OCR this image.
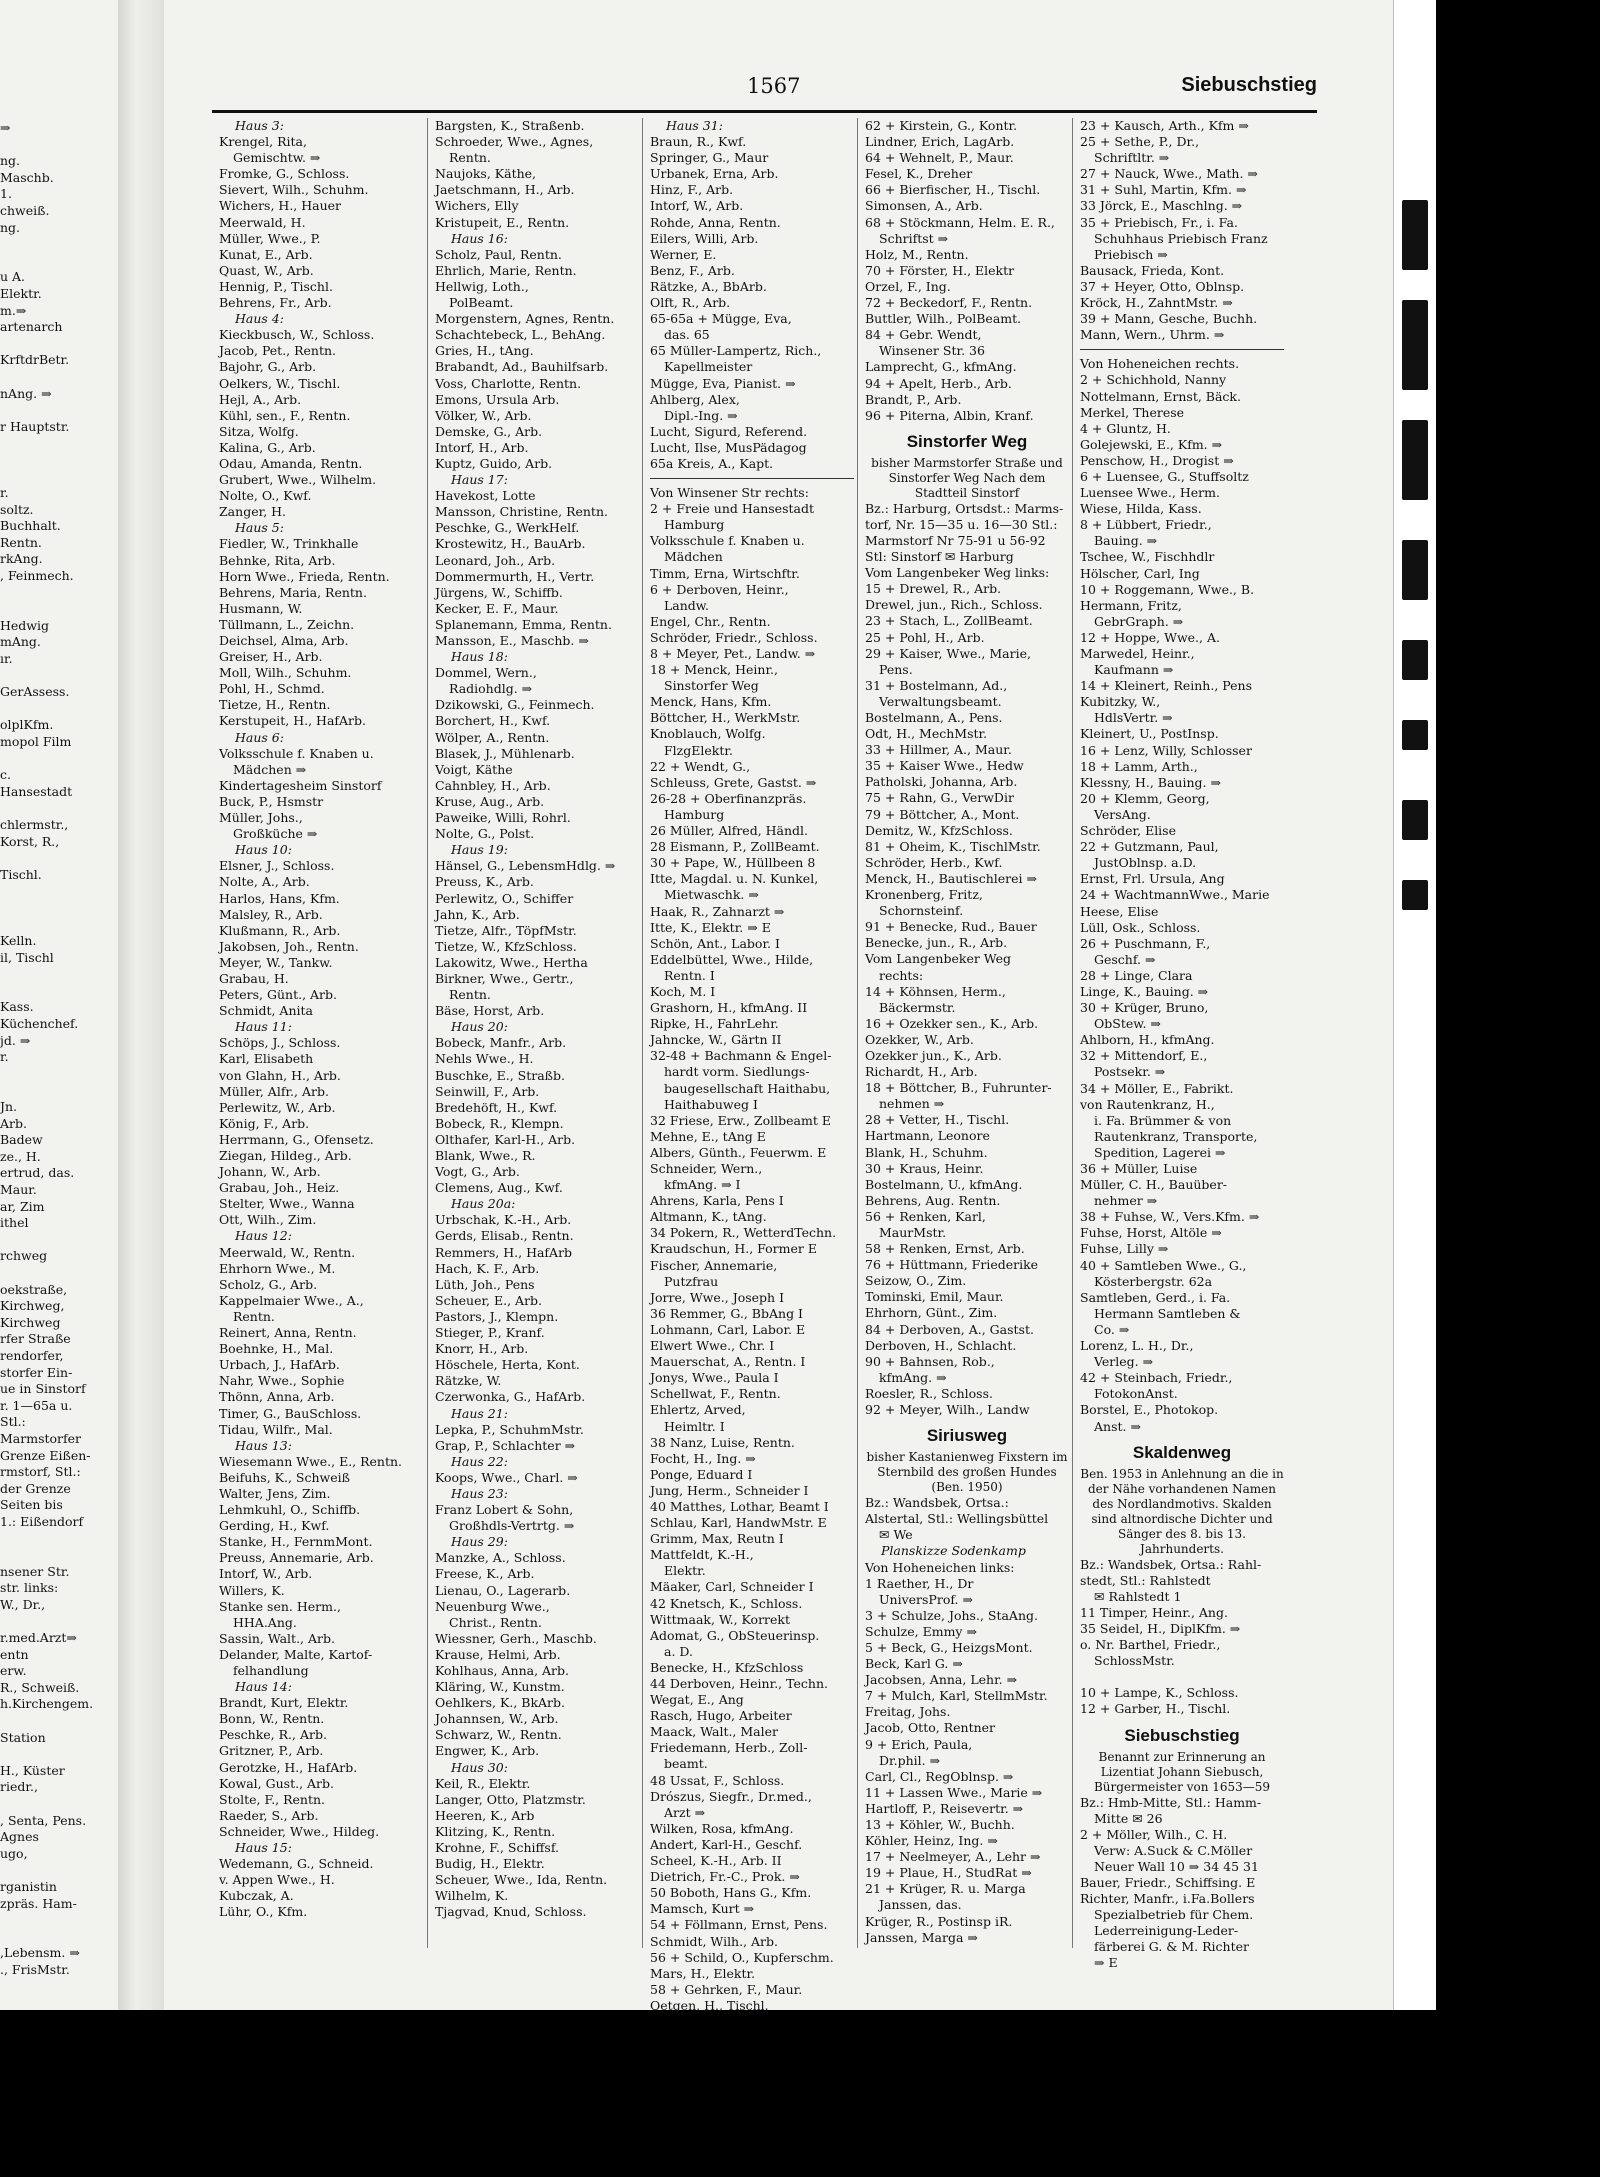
⇒

ng.
Maschb.
1.
chweiß.
ng.

u A.
Elektr.
m.⇒
artenarch

KrftdrBetr.

nAng. ⇒

r Hauptstr.

r.
soltz.
Buchhalt.
Rentn.
rkAng.
, Feinmech.

Hedwig
mAng.
ır.

GerAssess.

olplKfm.
mopol Film

c.
Hansestadt

chlermstr.,
Korst, R.,

Tischl.

Kelln.
il, Tischl

Kass.
Küchenchef.
jd. ⇒
r.

Jn.
Arb.
Badew
ze., H.
ertrud, das.
Maur.
ar, Zim
ithel

rchweg

oekstraße,
Kirchweg,
Kirchweg
rfer Straße
rendorfer,
storfer Ein-
ue in Sinstorf
r. 1—65a u.
Stl.:
Marmstorfer
Grenze Eißen-
rmstorf, Stl.:
der Grenze
Seiten bis
1.: Eißendorf

nsener Str.
str. links:
W., Dr.,

r.med.Arzt⇒
entn
erw.
R., Schweiß.
h.Kirchengem.

Station

H., Küster
riedr.,

, Senta, Pens.
Agnes
ugo,

rganistin
zpräs. Ham-

,Lebensm. ⇒
., FrisMstr.
1567	Siebuschstieg
Haus 3:
Krengel, Rita,
Gemischtw. ⇒
Fromke, G., Schloss.
Sievert, Wilh., Schuhm.
Wichers, H., Hauer
Meerwald, H.
Müller, Wwe., P.
Kunat, E., Arb.
Quast, W., Arb.
Hennig, P., Tischl.
Behrens, Fr., Arb.
Haus 4:
Kieckbusch, W., Schloss.
Jacob, Pet., Rentn.
Bajohr, G., Arb.
Oelkers, W., Tischl.
Hejl, A., Arb.
Kühl, sen., F., Rentn.
Sitza, Wolfg.
Kalina, G., Arb.
Odau, Amanda, Rentn.
Grubert, Wwe., Wilhelm.
Nolte, O., Kwf.
Zanger, H.
Haus 5:
Fiedler, W., Trinkhalle
Behnke, Rita, Arb.
Horn Wwe., Frieda, Rentn.
Behrens, Maria, Rentn.
Husmann, W.
Tüllmann, L., Zeichn.
Deichsel, Alma, Arb.
Greiser, H., Arb.
Moll, Wilh., Schuhm.
Pohl, H., Schmd.
Tietze, H., Rentn.
Kerstupeit, H., HafArb.
Haus 6:
Volksschule f. Knaben u.
Mädchen ⇒
Kindertagesheim Sinstorf
Buck, P., Hsmstr
Müller, Johs.,
Großküche ⇒
Haus 10:
Elsner, J., Schloss.
Nolte, A., Arb.
Harlos, Hans, Kfm.
Malsley, R., Arb.
Klußmann, R., Arb.
Jakobsen, Joh., Rentn.
Meyer, W., Tankw.
Grabau, H.
Peters, Günt., Arb.
Schmidt, Anita
Haus 11:
Schöps, J., Schloss.
Karl, Elisabeth
von Glahn, H., Arb.
Müller, Alfr., Arb.
Perlewitz, W., Arb.
König, F., Arb.
Herrmann, G., Ofensetz.
Ziegan, Hildeg., Arb.
Johann, W., Arb.
Grabau, Joh., Heiz.
Stelter, Wwe., Wanna
Ott, Wilh., Zim.
Haus 12:
Meerwald, W., Rentn.
Ehrhorn Wwe., M.
Scholz, G., Arb.
Kappelmaier Wwe., A.,
Rentn.
Reinert, Anna, Rentn.
Boehnke, H., Mal.
Urbach, J., HafArb.
Nahr, Wwe., Sophie
Thönn, Anna, Arb.
Timer, G., BauSchloss.
Tidau, Wilfr., Mal.
Haus 13:
Wiesemann Wwe., E., Rentn.
Beifuhs, K., Schweiß
Walter, Jens, Zim.
Lehmkuhl, O., Schiffb.
Gerding, H., Kwf.
Stanke, H., FernmMont.
Preuss, Annemarie, Arb.
Intorf, W., Arb.
Willers, K.
Stanke sen. Herm.,
HHA.Ang.
Sassin, Walt., Arb.
Delander, Malte, Kartof-
felhandlung
Haus 14:
Brandt, Kurt, Elektr.
Bonn, W., Rentn.
Peschke, R., Arb.
Gritzner, P., Arb.
Gerotzke, H., HafArb.
Kowal, Gust., Arb.
Stolte, F., Rentn.
Raeder, S., Arb.
Schneider, Wwe., Hildeg.
Haus 15:
Wedemann, G., Schneid.
v. Appen Wwe., H.
Kubczak, A.
Lühr, O., Kfm.
Bargsten, K., Straßenb.
Schroeder, Wwe., Agnes,
Rentn.
Naujoks, Käthe,
Jaetschmann, H., Arb.
Wichers, Elly
Kristupeit, E., Rentn.
Haus 16:
Scholz, Paul, Rentn.
Ehrlich, Marie, Rentn.
Hellwig, Loth.,
PolBeamt.
Morgenstern, Agnes, Rentn.
Schachtebeck, L., BehAng.
Gries, H., tAng.
Brabandt, Ad., Bauhilfsarb.
Voss, Charlotte, Rentn.
Emons, Ursula Arb.
Völker, W., Arb.
Demske, G., Arb.
Intorf, H., Arb.
Kuptz, Guido, Arb.
Haus 17:
Havekost, Lotte
Mansson, Christine, Rentn.
Peschke, G., WerkHelf.
Krostewitz, H., BauArb.
Leonard, Joh., Arb.
Dommermurth, H., Vertr.
Jürgens, W., Schiffb.
Kecker, E. F., Maur.
Splanemann, Emma, Rentn.
Mansson, E., Maschb. ⇒
Haus 18:
Dommel, Wern.,
Radiohdlg. ⇒
Dzikowski, G., Feinmech.
Borchert, H., Kwf.
Wölper, A., Rentn.
Blasek, J., Mühlenarb.
Voigt, Käthe
Cahnbley, H., Arb.
Kruse, Aug., Arb.
Paweike, Willi, Rohrl.
Nolte, G., Polst.
Haus 19:
Hänsel, G., LebensmHdlg. ⇒
Preuss, K., Arb.
Perlewitz, O., Schiffer
Jahn, K., Arb.
Tietze, Alfr., TöpfMstr.
Tietze, W., KfzSchloss.
Lakowitz, Wwe., Hertha
Birkner, Wwe., Gertr.,
Rentn.
Bäse, Horst, Arb.
Haus 20:
Bobeck, Manfr., Arb.
Nehls Wwe., H.
Buschke, E., Straßb.
Seinwill, F., Arb.
Bredehöft, H., Kwf.
Bobeck, R., Klempn.
Olthafer, Karl-H., Arb.
Blank, Wwe., R.
Vogt, G., Arb.
Clemens, Aug., Kwf.
Haus 20a:
Urbschak, K.-H., Arb.
Gerds, Elisab., Rentn.
Remmers, H., HafArb
Hach, K. F., Arb.
Lüth, Joh., Pens
Scheuer, E., Arb.
Pastors, J., Klempn.
Stieger, P., Kranf.
Knorr, H., Arb.
Höschele, Herta, Kont.
Rätzke, W.
Czerwonka, G., HafArb.
Haus 21:
Lepka, P., SchuhmMstr.
Grap, P., Schlachter ⇒
Haus 22:
Koops, Wwe., Charl. ⇒
Haus 23:
Franz Lobert & Sohn,
Großhdls-Vertrtg. ⇒
Haus 29:
Manzke, A., Schloss.
Freese, K., Arb.
Lienau, O., Lagerarb.
Neuenburg Wwe.,
Christ., Rentn.
Wiessner, Gerh., Maschb.
Krause, Helmi, Arb.
Kohlhaus, Anna, Arb.
Kläring, W., Kunstm.
Oehlkers, K., BkArb.
Johannsen, W., Arb.
Schwarz, W., Rentn.
Engwer, K., Arb.
Haus 30:
Keil, R., Elektr.
Langer, Otto, Platzmstr.
Heeren, K., Arb
Klitzing, K., Rentn.
Krohne, F., Schiffsf.
Budig, H., Elektr.
Scheuer, Wwe., Ida, Rentn.
Wilhelm, K.
Tjagvad, Knud, Schloss.
Haus 31:
Braun, R., Kwf.
Springer, G., Maur
Urbanek, Erna, Arb.
Hinz, F., Arb.
Intorf, W., Arb.
Rohde, Anna, Rentn.
Eilers, Willi, Arb.
Werner, E.
Benz, F., Arb.
Rätzke, A., BbArb.
Olft, R., Arb.
65-65a + Mügge, Eva,
das. 65
65 Müller-Lampertz, Rich.,
Kapellmeister
Mügge, Eva, Pianist. ⇒
Ahlberg, Alex,
Dipl.-Ing. ⇒
Lucht, Sigurd, Referend.
Lucht, Ilse, MusPädagog
65a Kreis, A., Kapt.
Von Winsener Str rechts:
2 + Freie und Hansestadt
Hamburg
Volksschule f. Knaben u.
Mädchen
Timm, Erna, Wirtschftr.
6 + Derboven, Heinr.,
Landw.
Engel, Chr., Rentn.
Schröder, Friedr., Schloss.
8 + Meyer, Pet., Landw. ⇒
18 + Menck, Heinr.,
Sinstorfer Weg
Menck, Hans, Kfm.
Böttcher, H., WerkMstr.
Knoblauch, Wolfg.
FlzgElektr.
22 + Wendt, G.,
Schleuss, Grete, Gastst. ⇒
26-28 + Oberfinanzpräs.
Hamburg
26 Müller, Alfred, Händl.
28 Eismann, P., ZollBeamt.
30 + Pape, W., Hüllbeen 8
Itte, Magdal. u. N. Kunkel,
Mietwaschk. ⇒
Haak, R., Zahnarzt ⇒
Itte, K., Elektr. ⇒ E
Schön, Ant., Labor. I
Eddelbüttel, Wwe., Hilde,
Rentn. I
Koch, M. I
Grashorn, H., kfmAng. II
Ripke, H., FahrLehr.
Jahncke, W., Gärtn II
32-48 + Bachmann & Engel-
hardt vorm. Siedlungs-
baugesellschaft Haithabu,
Haithabuweg I
32 Friese, Erw., Zollbeamt E
Mehne, E., tAng E
Albers, Günth., Feuerwm. E
Schneider, Wern.,
kfmAng. ⇒ I
Ahrens, Karla, Pens I
Altmann, K., tAng.
34 Pokern, R., WetterdTechn.
Kraudschun, H., Former E
Fischer, Annemarie,
Putzfrau
Jorre, Wwe., Joseph I
36 Remmer, G., BbAng I
Lohmann, Carl, Labor. E
Elwert Wwe., Chr. I
Mauerschat, A., Rentn. I
Jonys, Wwe., Paula I
Schellwat, F., Rentn.
Ehlertz, Arved,
Heimltr. I
38 Nanz, Luise, Rentn.
Focht, H., Ing. ⇒
Ponge, Eduard I
Jung, Herm., Schneider I
40 Matthes, Lothar, Beamt I
Schlau, Karl, HandwMstr. E
Grimm, Max, Reutn I
Mattfeldt, K.-H.,
Elektr.
Mäaker, Carl, Schneider I
42 Knetsch, K., Schloss.
Wittmaak, W., Korrekt
Adomat, G., ObSteuerinsp.
a. D.
Benecke, H., KfzSchloss
44 Derboven, Heinr., Techn.
Wegat, E., Ang
Rasch, Hugo, Arbeiter
Maack, Walt., Maler
Friedemann, Herb., Zoll-
beamt.
48 Ussat, F., Schloss.
Drószus, Siegfr., Dr.med.,
Arzt ⇒
Wilken, Rosa, kfmAng.
Andert, Karl-H., Geschf.
Scheel, K.-H., Arb. II
Dietrich, Fr.-C., Prok. ⇒
50 Boboth, Hans G., Kfm.
Mamsch, Kurt ⇒
54 + Föllmann, Ernst, Pens.
Schmidt, Wilh., Arb.
56 + Schild, O., Kupferschm.
Mars, H., Elektr.
58 + Gehrken, F., Maur.
Oetgen, H., Tischl.
62 + Kirstein, G., Kontr.
Lindner, Erich, LagArb.
64 + Wehnelt, P., Maur.
Fesel, K., Dreher
66 + Bierfischer, H., Tischl.
Simonsen, A., Arb.
68 + Stöckmann, Helm. E. R.,
Schriftst ⇒
Holz, M., Rentn.
70 + Förster, H., Elektr
Orzel, F., Ing.
72 + Beckedorf, F., Rentn.
Buttler, Wilh., PolBeamt.
84 + Gebr. Wendt,
Winsener Str. 36
Lamprecht, G., kfmAng.
94 + Apelt, Herb., Arb.
Brandt, P., Arb.
96 + Piterna, Albin, Kranf.
Sinstorfer Weg
bisher Marmstorfer Straße und Sinstorfer Weg Nach dem Stadtteil Sinstorf
Bz.: Harburg, Ortsdst.: Marms-
torf, Nr. 15—35 u. 16—30 Stl.:
Marmstorf Nr 75-91 u 56-92
Stl: Sinstorf ✉ Harburg
Vom Langenbeker Weg links:
15 + Drewel, R., Arb.
Drewel, jun., Rich., Schloss.
23 + Stach, L., ZollBeamt.
25 + Pohl, H., Arb.
29 + Kaiser, Wwe., Marie,
Pens.
31 + Bostelmann, Ad.,
Verwaltungsbeamt.
Bostelmann, A., Pens.
Odt, H., MechMstr.
33 + Hillmer, A., Maur.
35 + Kaiser Wwe., Hedw
Patholski, Johanna, Arb.
75 + Rahn, G., VerwDir
79 + Böttcher, A., Mont.
Demitz, W., KfzSchloss.
81 + Oheim, K., TischlMstr.
Schröder, Herb., Kwf.
Menck, H., Bautischlerei ⇒
Kronenberg, Fritz,
Schornsteinf.
91 + Benecke, Rud., Bauer
Benecke, jun., R., Arb.
Vom Langenbeker Weg
rechts:
14 + Köhnsen, Herm.,
Bäckermstr.
16 + Ozekker sen., K., Arb.
Ozekker, W., Arb.
Ozekker jun., K., Arb.
Richardt, H., Arb.
18 + Böttcher, B., Fuhrunter-
nehmen ⇒
28 + Vetter, H., Tischl.
Hartmann, Leonore
Blank, H., Schuhm.
30 + Kraus, Heinr.
Bostelmann, U., kfmAng.
Behrens, Aug. Rentn.
56 + Renken, Karl,
MaurMstr.
58 + Renken, Ernst, Arb.
76 + Hüttmann, Friederike
Seizow, O., Zim.
Tominski, Emil, Maur.
Ehrhorn, Günt., Zim.
84 + Derboven, A., Gastst.
Derboven, H., Schlacht.
90 + Bahnsen, Rob.,
kfmAng. ⇒
Roesler, R., Schloss.
92 + Meyer, Wilh., Landw
Siriusweg
bisher Kastanienweg Fixstern im Sternbild des großen Hundes (Ben. 1950)
Bz.: Wandsbek, Ortsa.:
Alstertal, Stl.: Wellingsbüttel
✉ We
Planskizze Sodenkamp
Von Hoheneichen links:
1 Raether, H., Dr
UniversProf. ⇒
3 + Schulze, Johs., StaAng.
Schulze, Emmy ⇒
5 + Beck, G., HeizgsMont.
Beck, Karl G. ⇒
Jacobsen, Anna, Lehr. ⇒
7 + Mulch, Karl, StellmMstr.
Freitag, Johs.
Jacob, Otto, Rentner
9 + Erich, Paula,
Dr.phil. ⇒
Carl, Cl., RegOblnsp. ⇒
11 + Lassen Wwe., Marie ⇒
Hartloff, P., Reisevertr. ⇒
13 + Köhler, W., Buchh.
Köhler, Heinz, Ing. ⇒
17 + Neelmeyer, A., Lehr ⇒
19 + Plaue, H., StudRat ⇒
21 + Krüger, R. u. Marga
Janssen, das.
Krüger, R., Postinsp iR.
Janssen, Marga ⇒
23 + Kausch, Arth., Kfm ⇒
25 + Sethe, P., Dr.,
Schriftltr. ⇒
27 + Nauck, Wwe., Math. ⇒
31 + Suhl, Martin, Kfm. ⇒
33 Jörck, E., Maschlng. ⇒
35 + Priebisch, Fr., i. Fa.
Schuhhaus Priebisch Franz
Priebisch ⇒
Bausack, Frieda, Kont.
37 + Heyer, Otto, Oblnsp.
Kröck, H., ZahntMstr. ⇒
39 + Mann, Gesche, Buchh.
Mann, Wern., Uhrm. ⇒
Von Hoheneichen rechts.
2 + Schichhold, Nanny
Nottelmann, Ernst, Bäck.
Merkel, Therese
4 + Gluntz, H.
Golejewski, E., Kfm. ⇒
Penschow, H., Drogist ⇒
6 + Luensee, G., Stuffsoltz
Luensee Wwe., Herm.
Wiese, Hilda, Kass.
8 + Lübbert, Friedr.,
Bauing. ⇒
Tschee, W., Fischhdlr
Hölscher, Carl, Ing
10 + Roggemann, Wwe., B.
Hermann, Fritz,
GebrGraph. ⇒
12 + Hoppe, Wwe., A.
Marwedel, Heinr.,
Kaufmann ⇒
14 + Kleinert, Reinh., Pens
Kubitzky, W.,
HdlsVertr. ⇒
Kleinert, U., PostInsp.
16 + Lenz, Willy, Schlosser
18 + Lamm, Arth.,
Klessny, H., Bauing. ⇒
20 + Klemm, Georg,
VersAng.
Schröder, Elise
22 + Gutzmann, Paul,
JustOblnsp. a.D.
Ernst, Frl. Ursula, Ang
24 + WachtmannWwe., Marie
Heese, Elise
Lüll, Osk., Schloss.
26 + Puschmann, F.,
Geschf. ⇒
28 + Linge, Clara
Linge, K., Bauing. ⇒
30 + Krüger, Bruno,
ObStew. ⇒
Ahlborn, H., kfmAng.
32 + Mittendorf, E.,
Postsekr. ⇒
34 + Möller, E., Fabrikt.
von Rautenkranz, H.,
i. Fa. Brümmer & von
Rautenkranz, Transporte,
Spedition, Lagerei ⇒
36 + Müller, Luise
Müller, C. H., Bauüber-
nehmer ⇒
38 + Fuhse, W., Vers.Kfm. ⇒
Fuhse, Horst, Altöle ⇒
Fuhse, Lilly ⇒
40 + Samtleben Wwe., G.,
Kösterbergstr. 62a
Samtleben, Gerd., i. Fa.
Hermann Samtleben &
Co. ⇒
Lorenz, L. H., Dr.,
Verleg. ⇒
42 + Steinbach, Friedr.,
FotokonAnst.
Borstel, E., Photokop.
Anst. ⇒
Skaldenweg
Ben. 1953 in Anlehnung an die in der Nähe vorhandenen Namen des Nordlandmotivs. Skalden sind altnordische Dichter und Sänger des 8. bis 13. Jahrhunderts.
Bz.: Wandsbek, Ortsa.: Rahl-
stedt, Stl.: Rahlstedt
✉ Rahlstedt 1
11 Timper, Heinr., Ang.
35 Seidel, H., DiplKfm. ⇒
o. Nr. Barthel, Friedr.,
SchlossMstr.

10 + Lampe, K., Schloss.
12 + Garber, H., Tischl.
Siebuschstieg
Benannt zur Erinnerung an Lizentiat Johann Siebusch, Bürgermeister von 1653—59
Bz.: Hmb-Mitte, Stl.: Hamm-
Mitte ✉ 26
2 + Möller, Wilh., C. H.
Verw: A.Suck & C.Möller
Neuer Wall 10 ⇒ 34 45 31
Bauer, Friedr., Schiffsing. E
Richter, Manfr., i.Fa.Bollers
Spezialbetrieb für Chem.
Lederreinigung-Leder-
färberei G. & M. Richter
⇒ E
